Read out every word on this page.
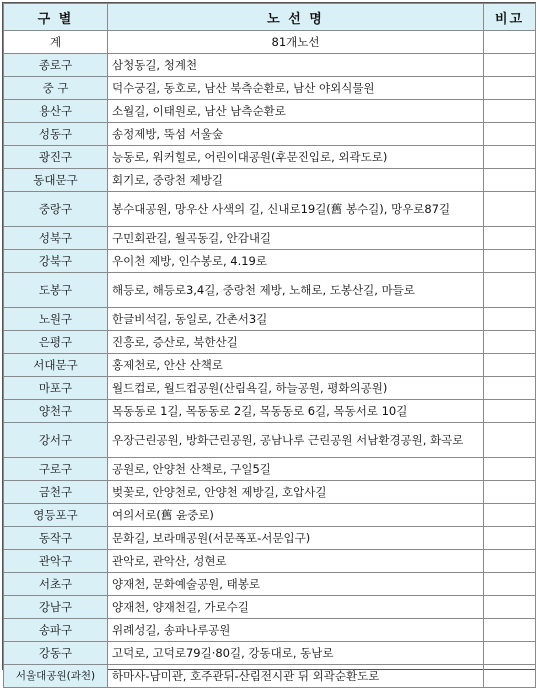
구 별	노 선 명	비고
계	81개노선	
종로구	삼청동길, 청계천	
중 구	덕수궁길, 동호로, 남산 북측순환로, 남산 야외식물원	
용산구	소월길, 이태원로, 남산 남측순환로	
성동구	송정제방, 뚝섬 서울숲	
광진구	능동로, 워커힐로, 어린이대공원(후문진입로, 외곽도로)	
동대문구	회기로, 중랑천 제방길	
중랑구	봉수대공원, 망우산 사색의 길, 신내로19길(舊 봉수길), 망우로87길	
성북구	구민회관길, 월곡동길, 안감내길	
강북구	우이천 제방, 인수봉로, 4.19로	
도봉구	해등로, 해등로3,4길, 중랑천 제방, 노해로, 도봉산길, 마들로	
노원구	한글비석길, 동일로, 간촌서3길	
은평구	진흥로, 증산로, 북한산길	
서대문구	홍제천로, 안산 산책로	
마포구	월드컵로, 월드컵공원(산림욕길, 하늘공원, 평화의공원)	
양천구	목동동로 1길, 목동동로 2길, 목동동로 6길, 목동서로 10길	
강서구	우장근린공원, 방화근린공원, 공남나루 근린공원 서남환경공원, 화곡로	
구로구	공원로, 안양천 산책로, 구일5길	
금천구	벚꽃로, 안양천로, 안양천 제방길, 호압사길	
영등포구	여의서로(舊 윤중로)	
동작구	문화길, 보라매공원(서문폭포-서문입구)	
관악구	관악로, 관악산, 성현로	
서초구	양재천, 문화예술공원, 태봉로	
강남구	양재천, 양재천길, 가로수길	
송파구	위례성길, 송파나루공원	
강동구	고덕로, 고덕로79길·80길, 강동대로, 동남로	
서울대공원(과천)	하마사-남미관, 호주관뒤-산림전시관 뒤 외곽순환도로	
